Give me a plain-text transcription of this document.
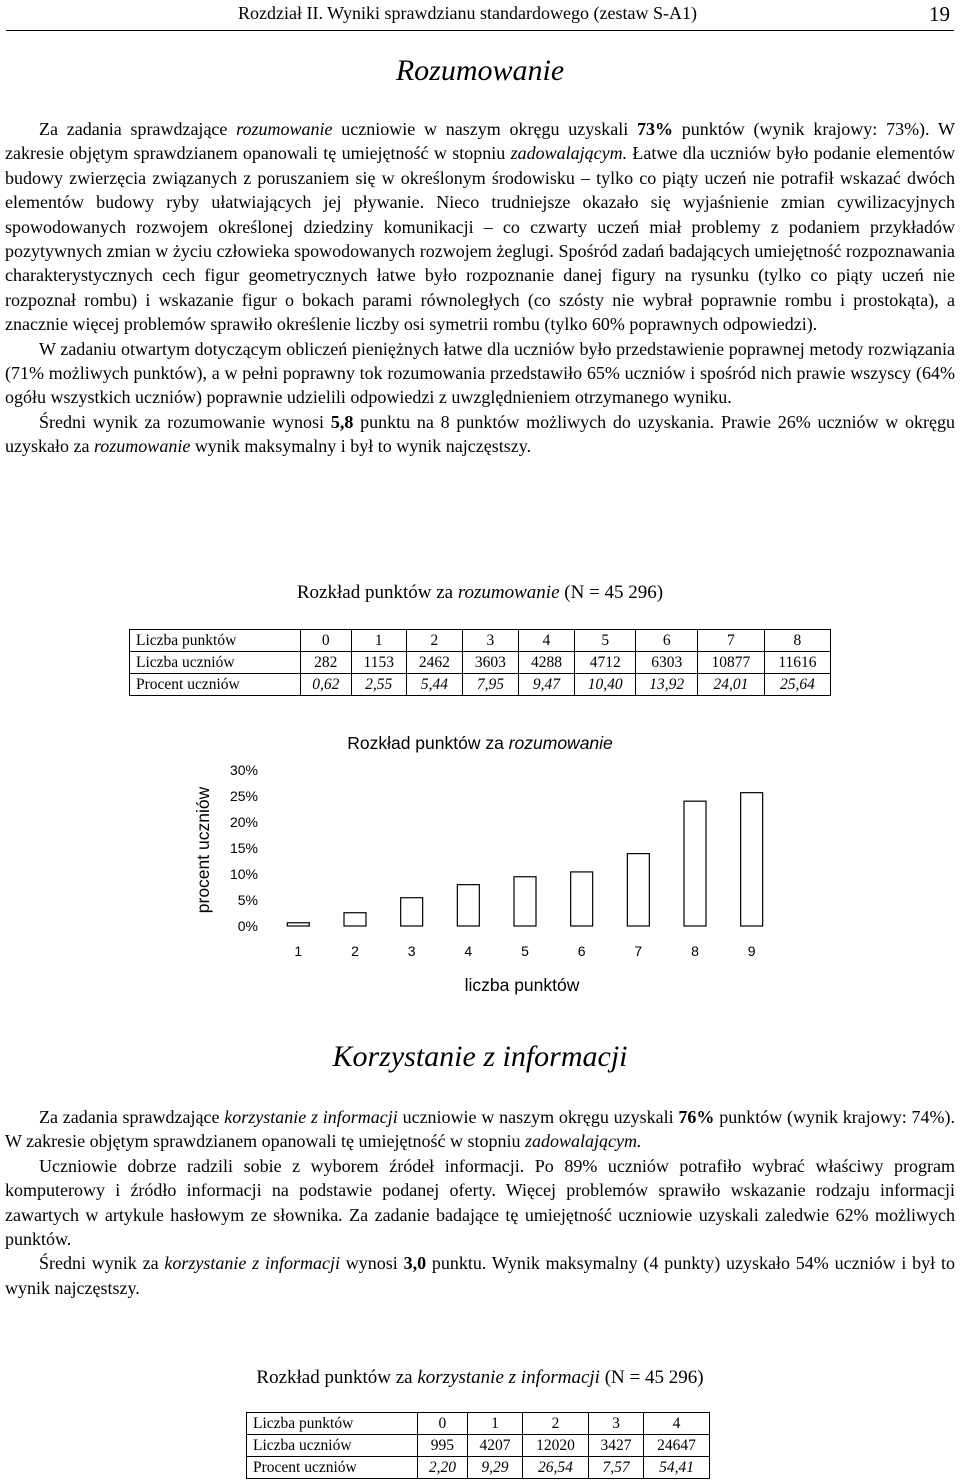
Rozdział II. Wyniki sprawdzianu standardowego (zestaw S-A1)	19
Rozumowanie

Za zadania sprawdzające rozumowanie uczniowie w naszym okręgu uzyskali 73% punktów (wynik krajowy: 73%). W zakresie objętym sprawdzianem opanowali tę umiejętność w stopniu zadowalającym. Łatwe dla uczniów było podanie elementów budowy zwierzęcia związanych z poruszaniem się w określonym środowisku – tylko co piąty uczeń nie potrafił wskazać dwóch elementów budowy ryby ułatwiających jej pływanie. Nieco trudniejsze okazało się wyjaśnienie zmian cywilizacyjnych spowodowanych rozwojem określonej dziedziny komunikacji – co czwarty uczeń miał problemy z podaniem przykładów pozytywnych zmian w życiu człowieka spowodowanych rozwojem żeglugi. Spośród zadań badających umiejętność rozpoznawania charakterystycznych cech figur geometrycznych łatwe było rozpoznanie danej figury na rysunku (tylko co piąty uczeń nie rozpoznał rombu) i wskazanie figur o bokach parami równoległych (co szósty nie wybrał poprawnie rombu i prostokąta), a znacznie więcej problemów sprawiło określenie liczby osi symetrii rombu (tylko 60% poprawnych odpowiedzi).

W zadaniu otwartym dotyczącym obliczeń pieniężnych łatwe dla uczniów było przedstawienie poprawnej metody rozwiązania (71% możliwych punktów), a w pełni poprawny tok rozumowania przedstawiło 65% uczniów i spośród nich prawie wszyscy (64% ogółu wszystkich uczniów) poprawnie udzielili odpowiedzi z uwzględnieniem otrzymanego wyniku.

Średni wynik za rozumowanie wynosi 5,8 punktu na 8 punktów możliwych do uzyskania. Prawie 26% uczniów w okręgu uzyskało za rozumowanie wynik maksymalny i był to wynik najczęstszy.

Rozkład punktów za rozumowanie (N = 45 296)
Liczba punktów	0	1	2	3	4	5	6	7	8
Liczba uczniów	282	1153	2462	3603	4288	4712	6303	10877	11616
Procent uczniów	0,62	2,55	5,44	7,95	9,47	10,40	13,92	24,01	25,64
Rozkład punktów za rozumowanie
procent uczniów
liczba punktów
0%
5%
10%
15%
20%
25%
30%
1	2	3	4	5	6	7	8	9
Korzystanie z informacji

Za zadania sprawdzające korzystanie z informacji uczniowie w naszym okręgu uzyskali 76% punktów (wynik krajowy: 74%). W zakresie objętym sprawdzianem opanowali tę umiejętność w stopniu zadowalającym.

Uczniowie dobrze radzili sobie z wyborem źródeł informacji. Po 89% uczniów potrafiło wybrać właściwy program komputerowy i źródło informacji na podstawie podanej oferty. Więcej problemów sprawiło wskazanie rodzaju informacji zawartych w artykule hasłowym ze słownika. Za zadanie badające tę umiejętność uczniowie uzyskali zaledwie 62% możliwych punktów.

Średni wynik za korzystanie z informacji wynosi 3,0 punktu. Wynik maksymalny (4 punkty) uzyskało 54% uczniów i był to wynik najczęstszy.

Rozkład punktów za korzystanie z informacji (N = 45 296)
Liczba punktów	0	1	2	3	4
Liczba uczniów	995	4207	12020	3427	24647
Procent uczniów	2,20	9,29	26,54	7,57	54,41
